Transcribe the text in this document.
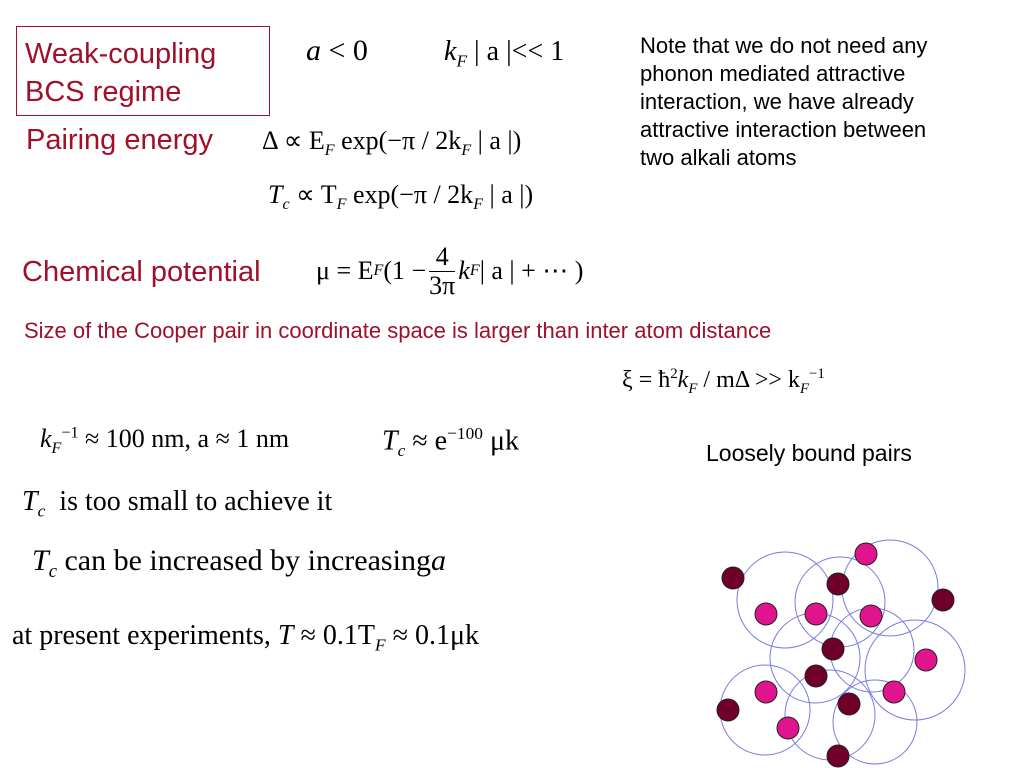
Weak-coupling
BCS regime
a < 0	$k_F$ | a |<< 1	Note that we do not need any
phonon mediated attractive
interaction, we have already
attractive interaction between
two alkali atoms
Pairing energy $\Delta \propto E_F$ $\exp(-\pi / 2k_F$ | a |)
$T_c \propto T_F$ $\exp(-\pi / 2k_F$ | a |)
Chemical potential μ = E F ($1 - \frac{4}{3\pi}$ k F | a | + ⋯ )
Size of the Cooper pair in coordinate space is larger than inter atom distance
$\xi = ħ^2k_F / m\Delta >> k_F^{-1}$
$k_F^{-1} \approx 100$ nm, a ≈ 1 nm	$T_c \approx e^{-100}$ μk	Loosely bound pairs
$T_c$ is too small to achieve it
$T_c$ can be increased by increasinga
at present experiments, $T \approx 0.1T_F \approx 0.1\mu k$
